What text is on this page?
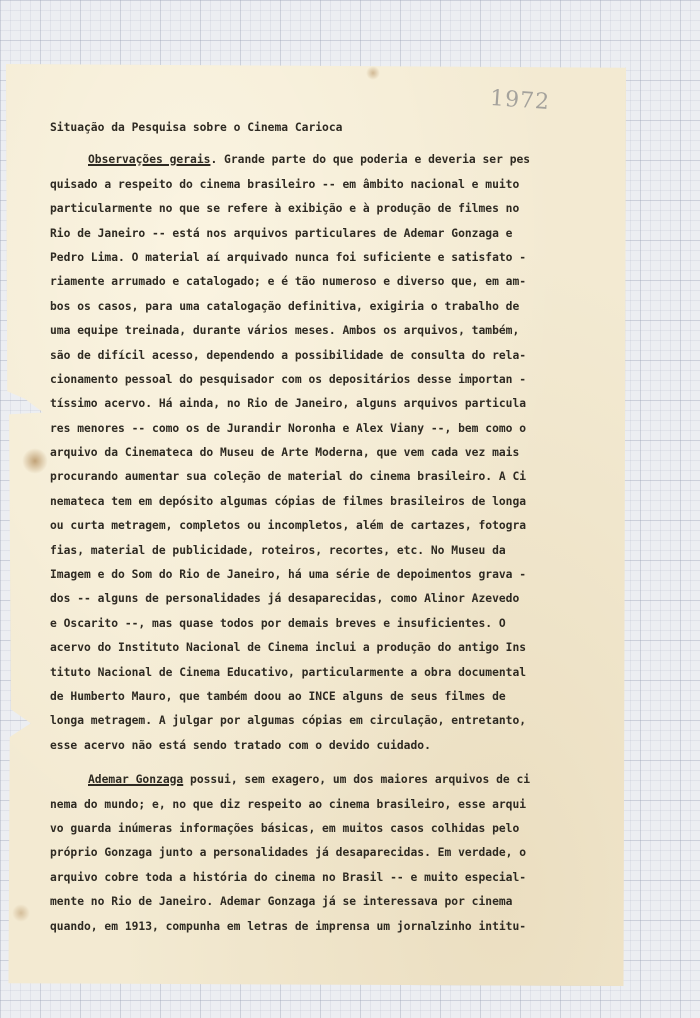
1972
Situação da Pesquisa sobre o Cinema Carioca
Observações gerais. Grande parte do que poderia e deveria ser pes
quisado a respeito do cinema brasileiro -- em âmbito nacional e muito
particularmente no que se refere à exibição e à produção de filmes no
Rio de Janeiro -- está nos arquivos particulares de Ademar Gonzaga e
Pedro Lima. O material aí arquivado nunca foi suficiente e satisfato -
riamente arrumado e catalogado; e é tão numeroso e diverso que, em am-
bos os casos, para uma catalogação definitiva, exigiria o trabalho de
uma equipe treinada, durante vários meses. Ambos os arquivos, também,
são de difícil acesso, dependendo a possibilidade de consulta do rela-
cionamento pessoal do pesquisador com os depositários desse importan -
tíssimo acervo. Há ainda, no Rio de Janeiro, alguns arquivos particula
res menores -- como os de Jurandir Noronha e Alex Viany --, bem como o
arquivo da Cinemateca do Museu de Arte Moderna, que vem cada vez mais
procurando aumentar sua coleção de material do cinema brasileiro. A Ci
nemateca tem em depósito algumas cópias de filmes brasileiros de longa
ou curta metragem, completos ou incompletos, além de cartazes, fotogra
fias, material de publicidade, roteiros, recortes, etc. No Museu da
Imagem e do Som do Rio de Janeiro, há uma série de depoimentos grava -
dos -- alguns de personalidades já desaparecidas, como Alinor Azevedo
e Oscarito --, mas quase todos por demais breves e insuficientes. O
acervo do Instituto Nacional de Cinema inclui a produção do antigo Ins
tituto Nacional de Cinema Educativo, particularmente a obra documental
de Humberto Mauro, que também doou ao INCE alguns de seus filmes de
longa metragem. A julgar por algumas cópias em circulação, entretanto,
esse acervo não está sendo tratado com o devido cuidado.
Ademar Gonzaga possui, sem exagero, um dos maiores arquivos de ci
nema do mundo; e, no que diz respeito ao cinema brasileiro, esse arqui
vo guarda inúmeras informações básicas, em muitos casos colhidas pelo
próprio Gonzaga junto a personalidades já desaparecidas. Em verdade, o
arquivo cobre toda a história do cinema no Brasil -- e muito especial-
mente no Rio de Janeiro. Ademar Gonzaga já se interessava por cinema
quando, em 1913, compunha em letras de imprensa um jornalzinho intitu-
